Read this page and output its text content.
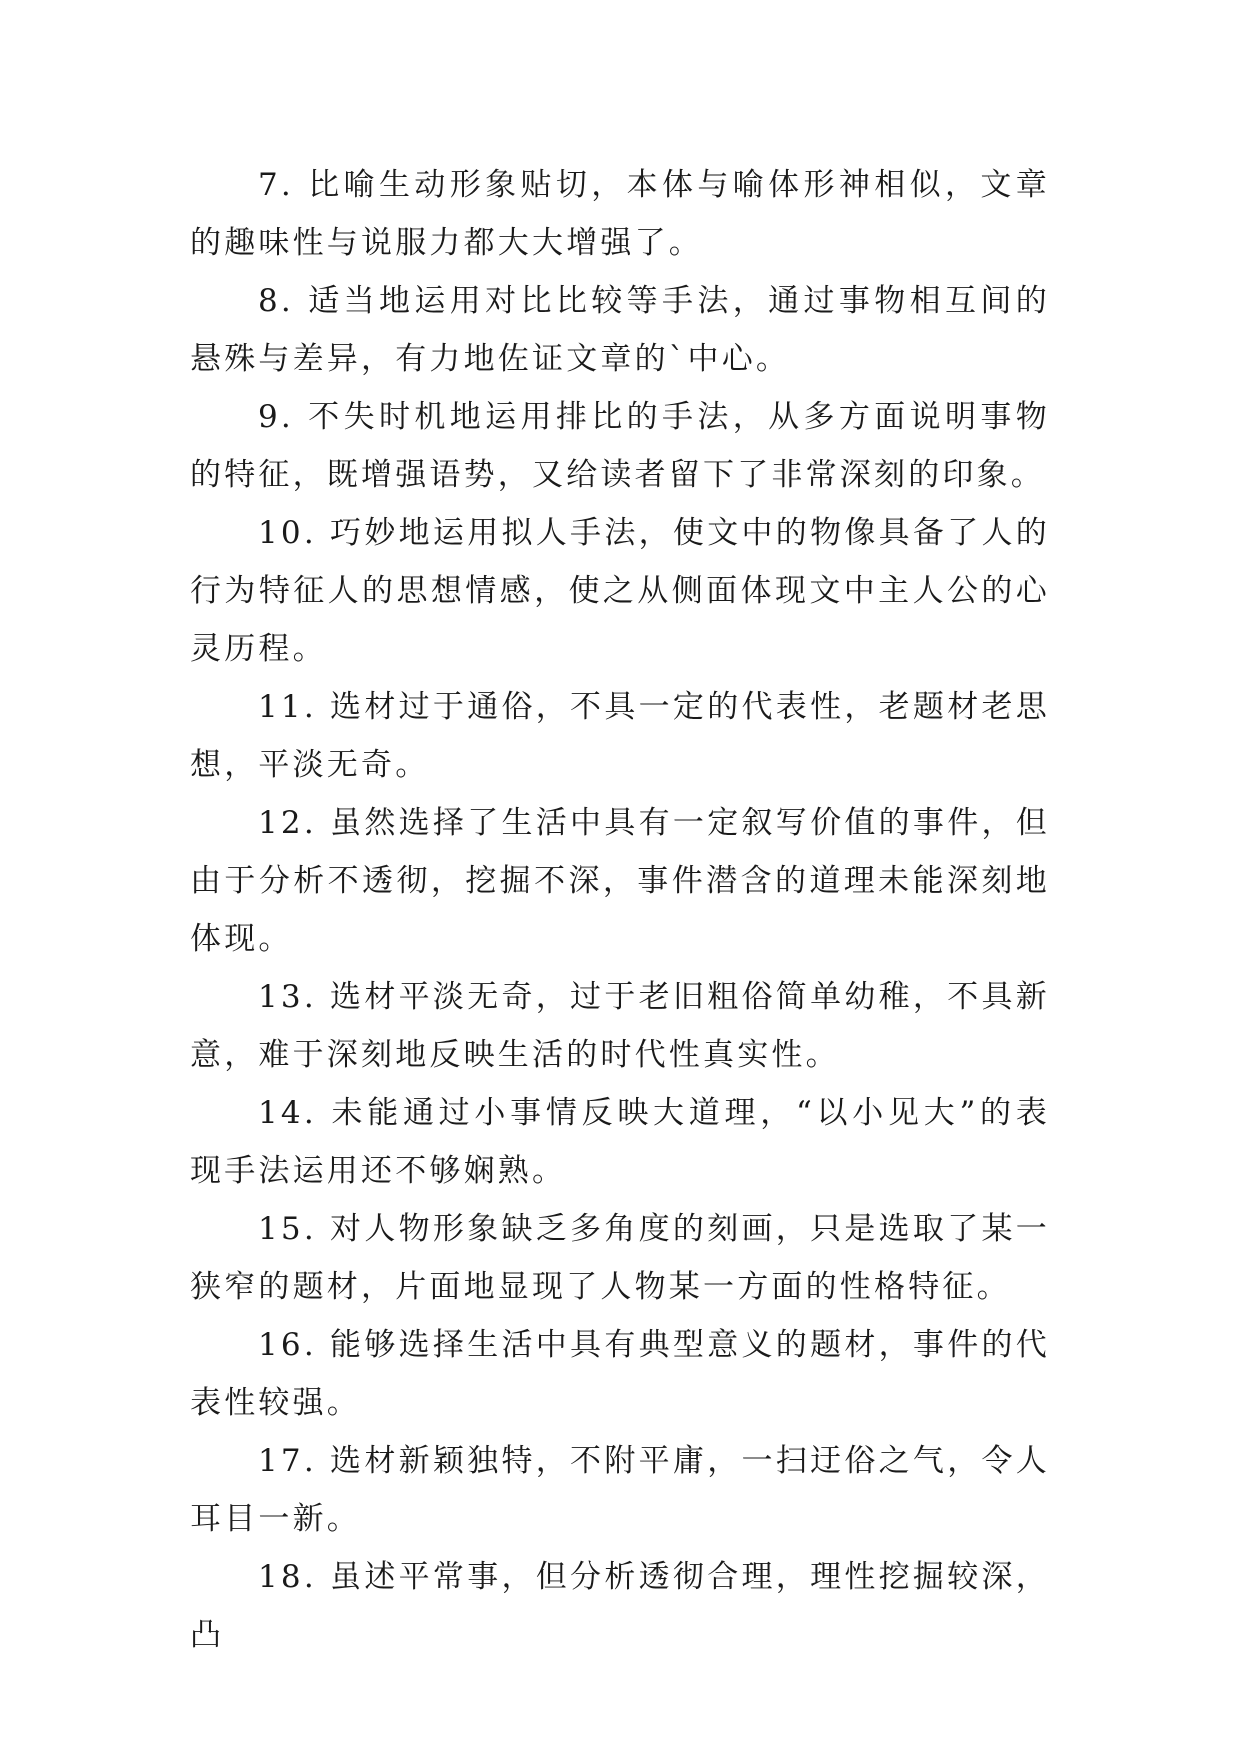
7. 比喻生动形象贴切，本体与喻体形神相似，文章的趣味性与说服力都大大增强了。

8. 适当地运用对比比较等手法，通过事物相互间的悬殊与差异，有力地佐证文章的`中心。

9. 不失时机地运用排比的手法，从多方面说明事物的特征，既增强语势，又给读者留下了非常深刻的印象。

10. 巧妙地运用拟人手法，使文中的物像具备了人的行为特征人的思想情感，使之从侧面体现文中主人公的心灵历程。

11. 选材过于通俗，不具一定的代表性，老题材老思想，平淡无奇。

12. 虽然选择了生活中具有一定叙写价值的事件，但由于分析不透彻，挖掘不深，事件潜含的道理未能深刻地体现。

13. 选材平淡无奇，过于老旧粗俗简单幼稚，不具新意，难于深刻地反映生活的时代性真实性。

14. 未能通过小事情反映大道理，“以小见大”的表现手法运用还不够娴熟。

15. 对人物形象缺乏多角度的刻画，只是选取了某一狭窄的题材，片面地显现了人物某一方面的性格特征。

16. 能够选择生活中具有典型意义的题材，事件的代表性较强。

17. 选材新颖独特，不附平庸，一扫迂俗之气，令人耳目一新。

18. 虽述平常事，但分析透彻合理，理性挖掘较深，凸
